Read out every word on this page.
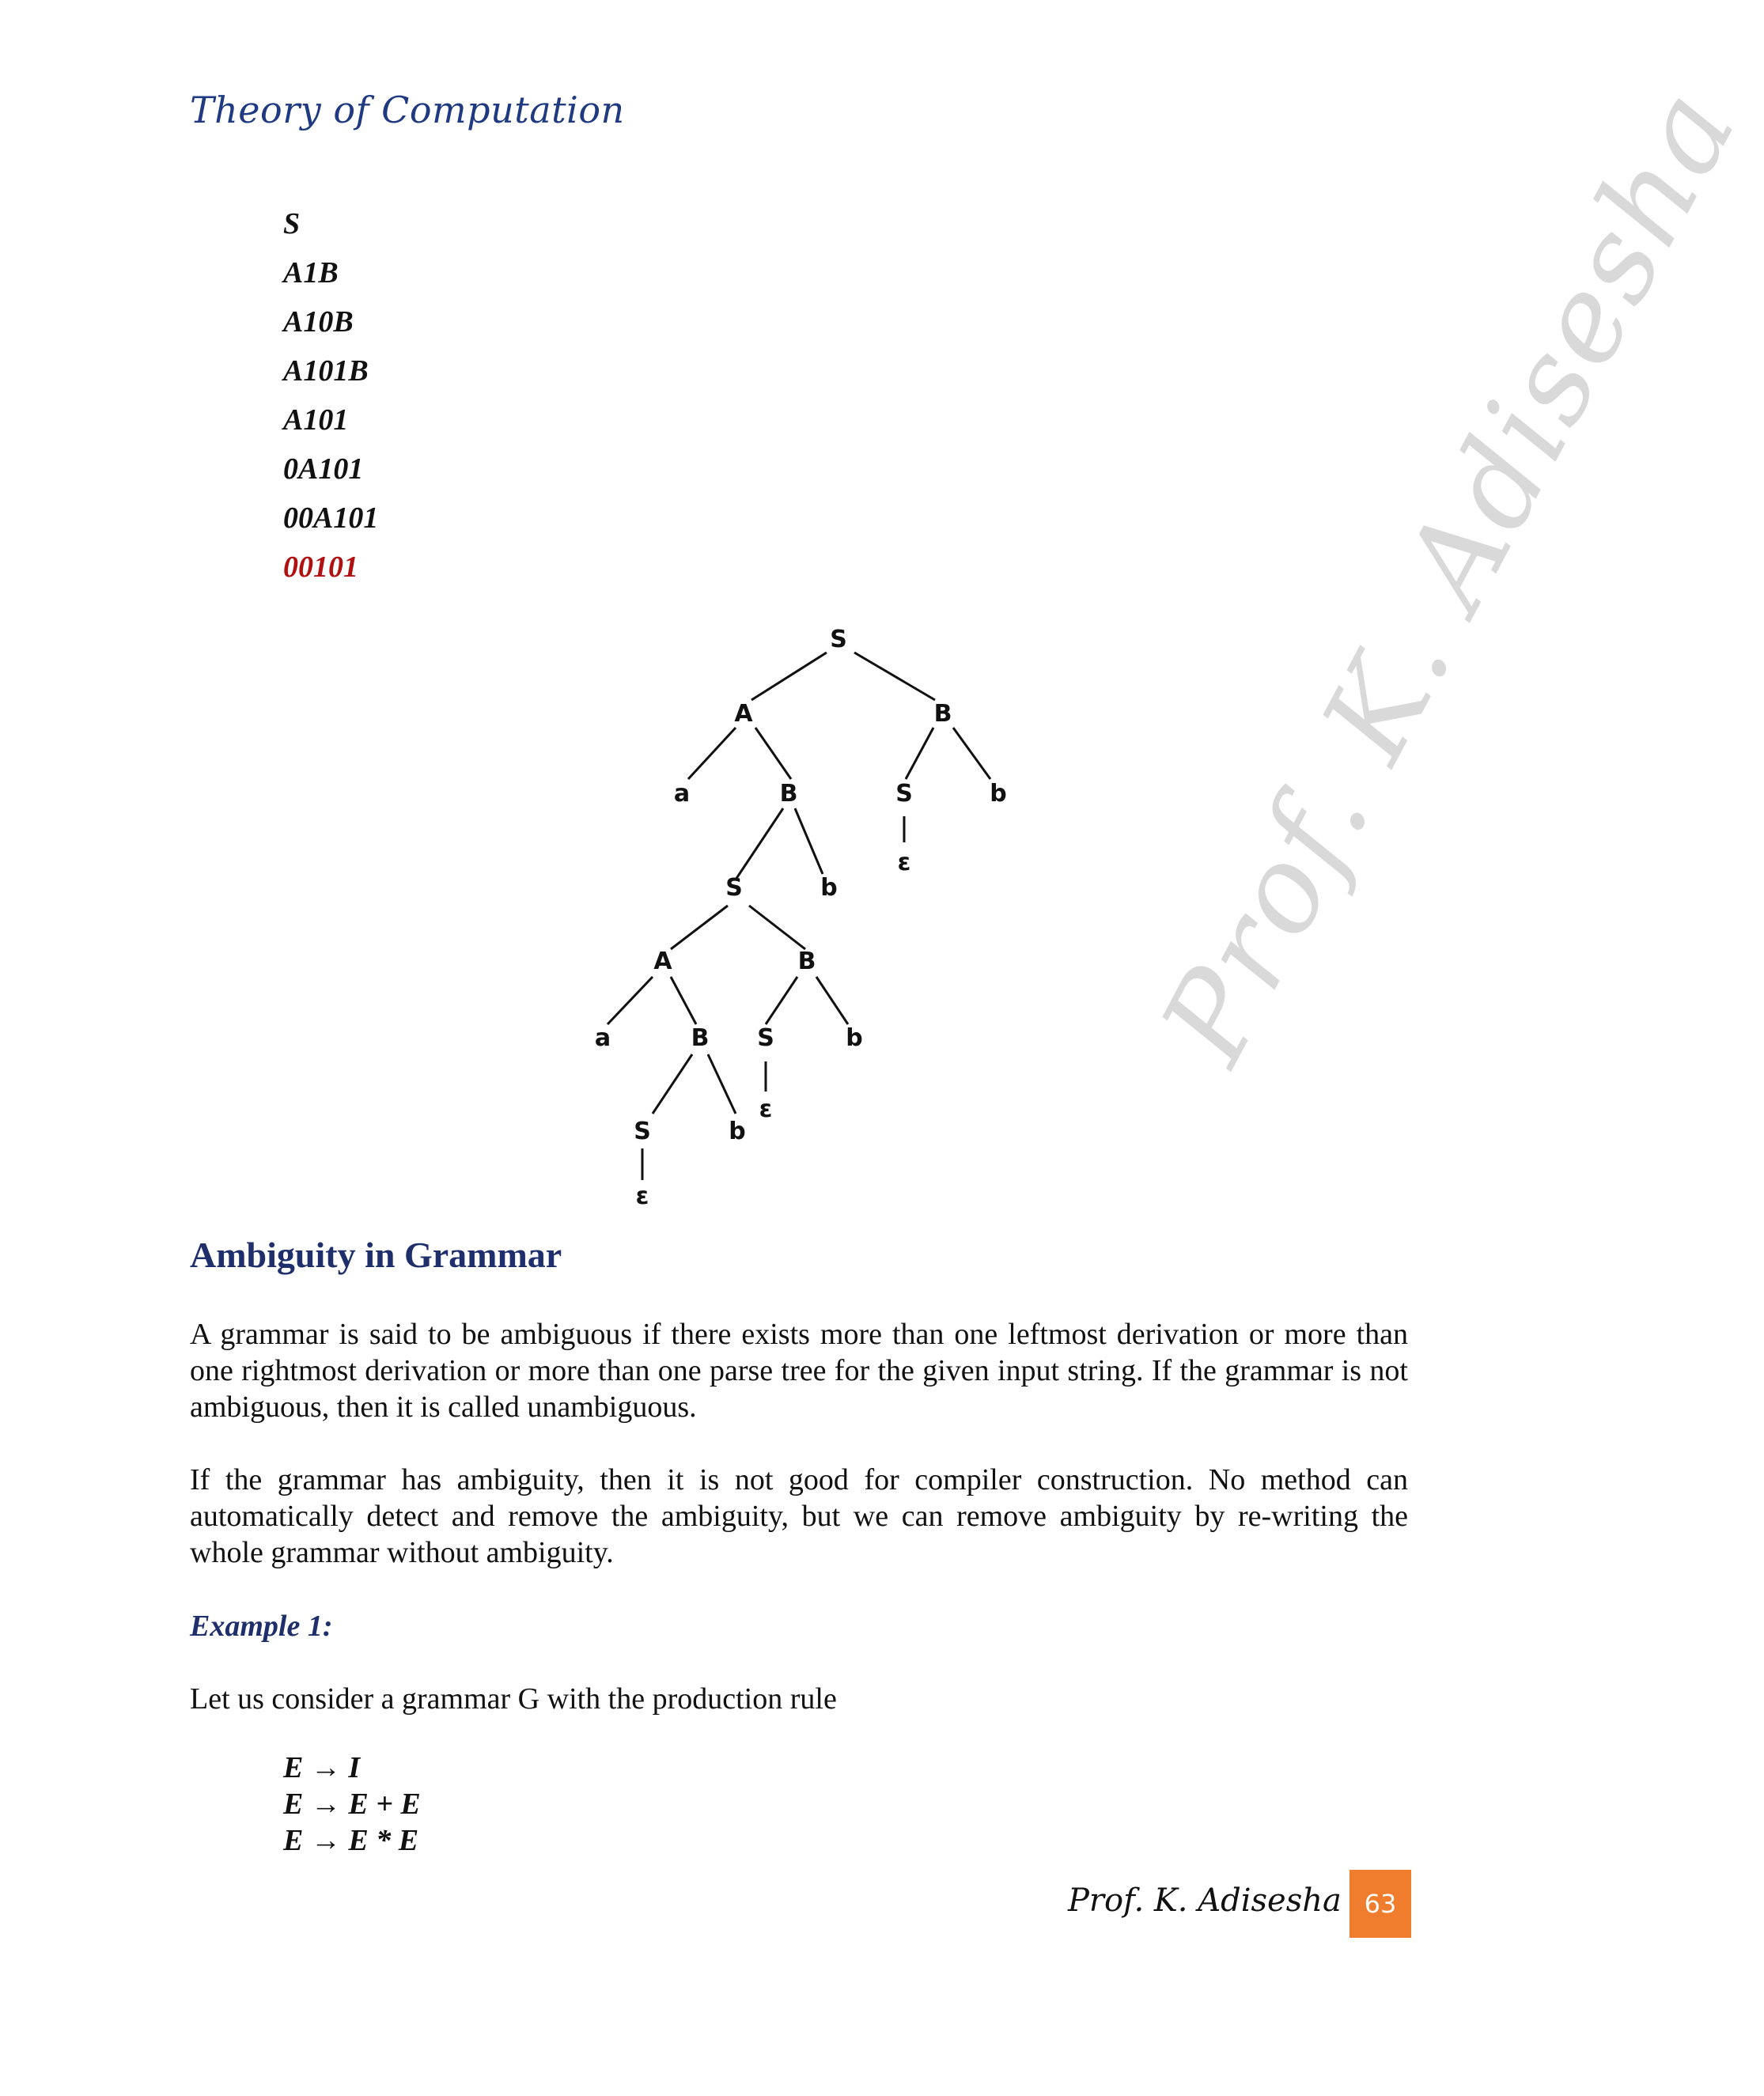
Theory of Computation
S
A1B
A10B
A101B
A101
0A101
00A101
00101	Prof. K. Adisesha
S
A	B
a	B	S	b
ε
S	b
A	B
a	B S	b
ε
S	b
ε
Ambiguity in Grammar

A grammar is said to be ambiguous if there exists more than one leftmost derivation or more than one rightmost derivation or more than one parse tree for the given input string. If the grammar is not ambiguous, then it is called unambiguous.

If the grammar has ambiguity, then it is not good for compiler construction. No method can automatically detect and remove the ambiguity, but we can remove ambiguity by re-writing the whole grammar without ambiguity.

Example 1:
Let us consider a grammar G with the production rule
E → I
E → E + E
E → E * E
Prof. K. Adisesha 63
